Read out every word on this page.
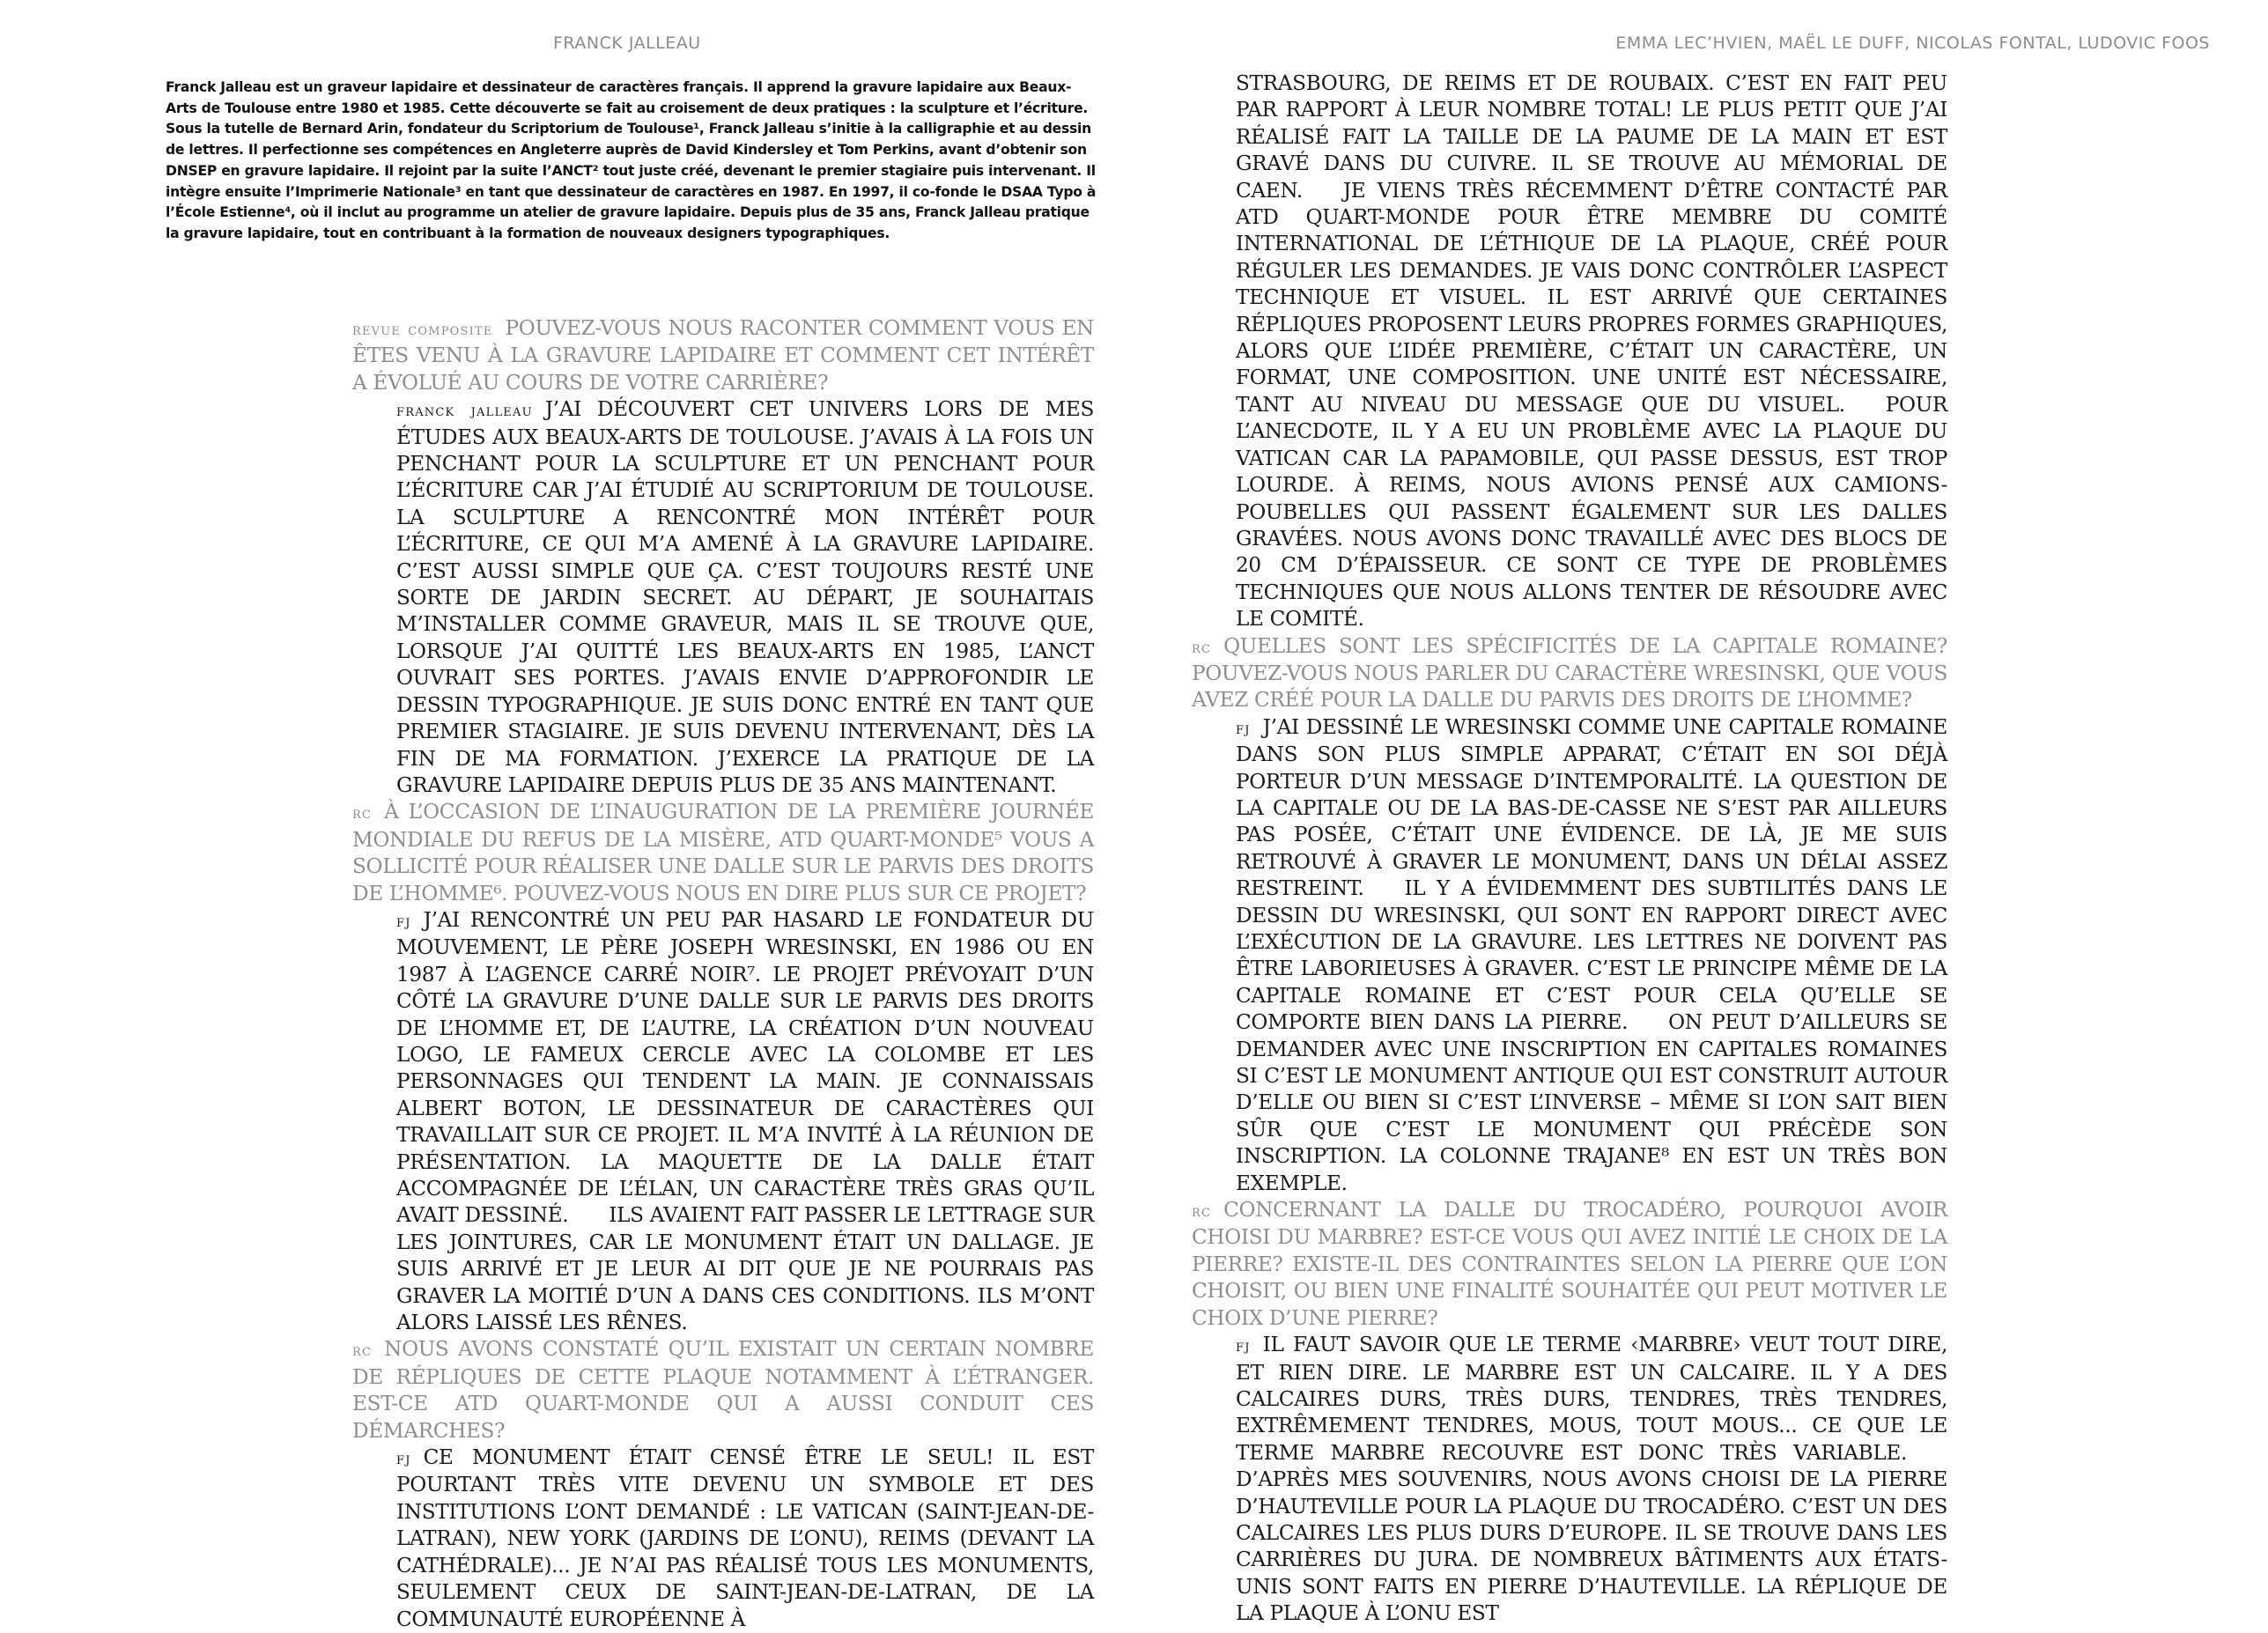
FRANCK JALLEAU

Franck Jalleau est un graveur lapidaire et dessinateur de caractères français. Il apprend la gravure lapidaire aux Beaux-Arts de Toulouse entre 1980 et 1985. Cette découverte se fait au croisement de deux pratiques : la sculpture et l’écriture. Sous la tutelle de Bernard Arin, fondateur du Scriptorium de Toulouse¹, Franck Jalleau s’initie à la calligraphie et au dessin de lettres. Il perfectionne ses compétences en Angleterre auprès de David Kindersley et Tom Perkins, avant d’obtenir son DNSEP en gravure lapidaire. Il rejoint par la suite l’ANCT² tout juste créé, devenant le premier stagiaire puis intervenant. Il intègre ensuite l’Imprimerie Nationale³ en tant que dessinateur de caractères en 1987. En 1997, il co-fonde le DSAA Typo à l’École Estienne⁴, où il inclut au programme un atelier de gravure lapidaire. Depuis plus de 35 ans, Franck Jalleau pratique la gravure lapidaire, tout en contribuant à la formation de nouveaux designers typographiques.

revue composite POUVEZ-VOUS NOUS RACONTER COMMENT VOUS EN ÊTES VENU À LA GRAVURE LAPIDAIRE ET COMMENT CET INTÉRÊT A ÉVOLUÉ AU COURS DE VOTRE CARRIÈRE?

franck jalleau J’AI DÉCOUVERT CET UNIVERS LORS DE MES ÉTUDES AUX BEAUX-ARTS DE TOULOUSE. J’AVAIS À LA FOIS UN PENCHANT POUR LA SCULPTURE ET UN PENCHANT POUR L’ÉCRITURE CAR J’AI ÉTUDIÉ AU SCRIPTORIUM DE TOULOUSE. LA SCULPTURE A RENCONTRÉ MON INTÉRÊT POUR L’ÉCRITURE, CE QUI M’A AMENÉ À LA GRAVURE LAPIDAIRE. C’EST AUSSI SIMPLE QUE ÇA. C’EST TOUJOURS RESTÉ UNE SORTE DE JARDIN SECRET. AU DÉPART, JE SOUHAITAIS M’INSTALLER COMME GRAVEUR, MAIS IL SE TROUVE QUE, LORSQUE J’AI QUITTÉ LES BEAUX-ARTS EN 1985, L’ANCT OUVRAIT SES PORTES. J’AVAIS ENVIE D’APPROFONDIR LE DESSIN TYPOGRAPHIQUE. JE SUIS DONC ENTRÉ EN TANT QUE PREMIER STAGIAIRE. JE SUIS DEVENU INTERVENANT, DÈS LA FIN DE MA FORMATION. J’EXERCE LA PRATIQUE DE LA GRAVURE LAPIDAIRE DEPUIS PLUS DE 35 ANS MAINTENANT.

rc À L’OCCASION DE L’INAUGURATION DE LA PREMIÈRE JOURNÉE MONDIALE DU REFUS DE LA MISÈRE, ATD QUART-MONDE⁵ VOUS A SOLLICITÉ POUR RÉALISER UNE DALLE SUR LE PARVIS DES DROITS DE L’HOMME⁶. POUVEZ-VOUS NOUS EN DIRE PLUS SUR CE PROJET?

fj J’AI RENCONTRÉ UN PEU PAR HASARD LE FONDATEUR DU MOUVEMENT, LE PÈRE JOSEPH WRESINSKI, EN 1986 OU EN 1987 À L’AGENCE CARRÉ NOIR⁷. LE PROJET PRÉVOYAIT D’UN CÔTÉ LA GRAVURE D’UNE DALLE SUR LE PARVIS DES DROITS DE L’HOMME ET, DE L’AUTRE, LA CRÉATION D’UN NOUVEAU LOGO, LE FAMEUX CERCLE AVEC LA COLOMBE ET LES PERSONNAGES QUI TENDENT LA MAIN. JE CONNAISSAIS ALBERT BOTON, LE DESSINATEUR DE CARACTÈRES QUI TRAVAILLAIT SUR CE PROJET. IL M’A INVITÉ À LA RÉUNION DE PRÉSENTATION. LA MAQUETTE DE LA DALLE ÉTAIT ACCOMPAGNÉE DE L’ÉLAN, UN CARACTÈRE TRÈS GRAS QU’IL AVAIT DESSINÉ. ILS AVAIENT FAIT PASSER LE LETTRAGE SUR LES JOINTURES, CAR LE MONUMENT ÉTAIT UN DALLAGE. JE SUIS ARRIVÉ ET JE LEUR AI DIT QUE JE NE POURRAIS PAS GRAVER LA MOITIÉ D’UN A DANS CES CONDITIONS. ILS M’ONT ALORS LAISSÉ LES RÊNES.

rc NOUS AVONS CONSTATÉ QU’IL EXISTAIT UN CERTAIN NOMBRE DE RÉPLIQUES DE CETTE PLAQUE NOTAMMENT À L’ÉTRANGER. EST-CE ATD QUART-MONDE QUI A AUSSI CONDUIT CES DÉMARCHES?

fj CE MONUMENT ÉTAIT CENSÉ ÊTRE LE SEUL! IL EST POURTANT TRÈS VITE DEVENU UN SYMBOLE ET DES INSTITUTIONS L’ONT DEMANDÉ : LE VATICAN (SAINT-JEAN-DE-LATRAN), NEW YORK (JARDINS DE L’ONU), REIMS (DEVANT LA CATHÉDRALE)... JE N’AI PAS RÉALISÉ TOUS LES MONUMENTS, SEULEMENT CEUX DE SAINT-JEAN-DE-LATRAN, DE LA COMMUNAUTÉ EUROPÉENNE À

EMMA LEC’HVIEN, MAËL LE DUFF, NICOLAS FONTAL, LUDOVIC FOOS

STRASBOURG, DE REIMS ET DE ROUBAIX. C’EST EN FAIT PEU PAR RAPPORT À LEUR NOMBRE TOTAL! LE PLUS PETIT QUE J’AI RÉALISÉ FAIT LA TAILLE DE LA PAUME DE LA MAIN ET EST GRAVÉ DANS DU CUIVRE. IL SE TROUVE AU MÉMORIAL DE CAEN. JE VIENS TRÈS RÉCEMMENT D’ÊTRE CONTACTÉ PAR ATD QUART-MONDE POUR ÊTRE MEMBRE DU COMITÉ INTERNATIONAL DE L’ÉTHIQUE DE LA PLAQUE, CRÉÉ POUR RÉGULER LES DEMANDES. JE VAIS DONC CONTRÔLER L’ASPECT TECHNIQUE ET VISUEL. IL EST ARRIVÉ QUE CERTAINES RÉPLIQUES PROPOSENT LEURS PROPRES FORMES GRAPHIQUES, ALORS QUE L’IDÉE PREMIÈRE, C’ÉTAIT UN CARACTÈRE, UN FORMAT, UNE COMPOSITION. UNE UNITÉ EST NÉCESSAIRE, TANT AU NIVEAU DU MESSAGE QUE DU VISUEL. POUR L’ANECDOTE, IL Y A EU UN PROBLÈME AVEC LA PLAQUE DU VATICAN CAR LA PAPAMOBILE, QUI PASSE DESSUS, EST TROP LOURDE. À REIMS, NOUS AVIONS PENSÉ AUX CAMIONS-POUBELLES QUI PASSENT ÉGALEMENT SUR LES DALLES GRAVÉES. NOUS AVONS DONC TRAVAILLÉ AVEC DES BLOCS DE 20 CM D’ÉPAISSEUR. CE SONT CE TYPE DE PROBLÈMES TECHNIQUES QUE NOUS ALLONS TENTER DE RÉSOUDRE AVEC LE COMITÉ.

rc QUELLES SONT LES SPÉCIFICITÉS DE LA CAPITALE ROMAINE? POUVEZ-VOUS NOUS PARLER DU CARACTÈRE WRESINSKI, QUE VOUS AVEZ CRÉÉ POUR LA DALLE DU PARVIS DES DROITS DE L’HOMME?

fj J’AI DESSINÉ LE WRESINSKI COMME UNE CAPITALE ROMAINE DANS SON PLUS SIMPLE APPARAT, C’ÉTAIT EN SOI DÉJÀ PORTEUR D’UN MESSAGE D’INTEMPORALITÉ. LA QUESTION DE LA CAPITALE OU DE LA BAS-DE-CASSE NE S’EST PAR AILLEURS PAS POSÉE, C’ÉTAIT UNE ÉVIDENCE. DE LÀ, JE ME SUIS RETROUVÉ À GRAVER LE MONUMENT, DANS UN DÉLAI ASSEZ RESTREINT. IL Y A ÉVIDEMMENT DES SUBTILITÉS DANS LE DESSIN DU WRESINSKI, QUI SONT EN RAPPORT DIRECT AVEC L’EXÉCUTION DE LA GRAVURE. LES LETTRES NE DOIVENT PAS ÊTRE LABORIEUSES À GRAVER. C’EST LE PRINCIPE MÊME DE LA CAPITALE ROMAINE ET C’EST POUR CELA QU’ELLE SE COMPORTE BIEN DANS LA PIERRE. ON PEUT D’AILLEURS SE DEMANDER AVEC UNE INSCRIPTION EN CAPITALES ROMAINES SI C’EST LE MONUMENT ANTIQUE QUI EST CONSTRUIT AUTOUR D’ELLE OU BIEN SI C’EST L’INVERSE – MÊME SI L’ON SAIT BIEN SÛR QUE C’EST LE MONUMENT QUI PRÉCÈDE SON INSCRIPTION. LA COLONNE TRAJANE⁸ EN EST UN TRÈS BON EXEMPLE.

rc CONCERNANT LA DALLE DU TROCADÉRO, POURQUOI AVOIR CHOISI DU MARBRE? EST-CE VOUS QUI AVEZ INITIÉ LE CHOIX DE LA PIERRE? EXISTE-IL DES CONTRAINTES SELON LA PIERRE QUE L’ON CHOISIT, OU BIEN UNE FINALITÉ SOUHAITÉE QUI PEUT MOTIVER LE CHOIX D’UNE PIERRE?

fj IL FAUT SAVOIR QUE LE TERME ‹MARBRE› VEUT TOUT DIRE, ET RIEN DIRE. LE MARBRE EST UN CALCAIRE. IL Y A DES CALCAIRES DURS, TRÈS DURS, TENDRES, TRÈS TENDRES, EXTRÊMEMENT TENDRES, MOUS, TOUT MOUS... CE QUE LE TERME MARBRE RECOUVRE EST DONC TRÈS VARIABLE.D’APRÈS MES SOUVENIRS, NOUS AVONS CHOISI DE LA PIERRE D’HAUTEVILLE POUR LA PLAQUE DU TROCADÉRO. C’EST UN DES CALCAIRES LES PLUS DURS D’EUROPE. IL SE TROUVE DANS LES CARRIÈRES DU JURA. DE NOMBREUX BÂTIMENTS AUX ÉTATS-UNIS SONT FAITS EN PIERRE D’HAUTEVILLE. LA RÉPLIQUE DE LA PLAQUE À L’ONU EST
